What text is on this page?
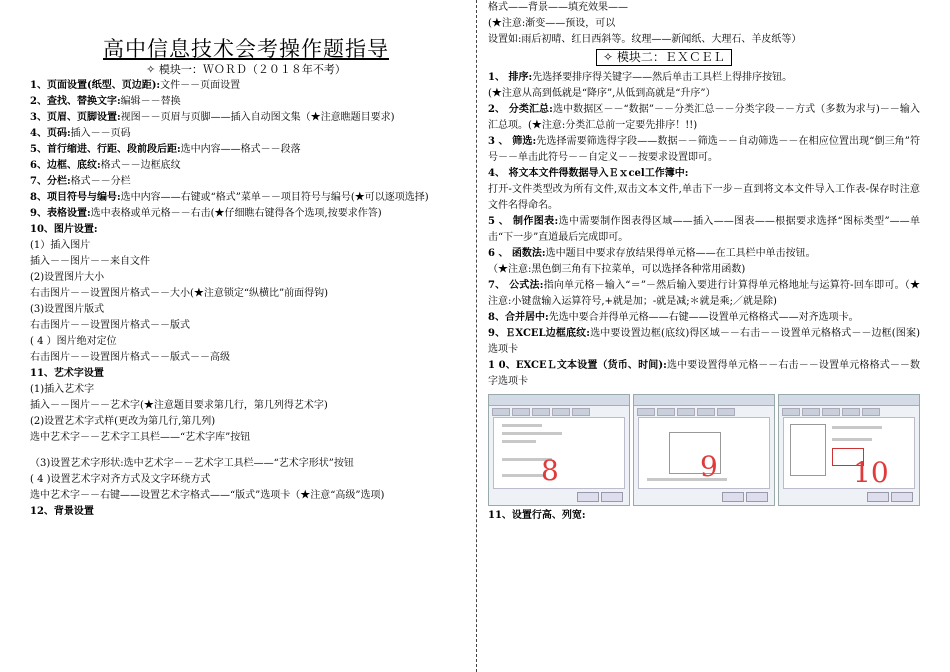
高中信息技术会考操作题指导
✧ 模块一：ＷＯＲＤ（２０１８年不考）
1、页面设置(纸型、页边距):文件－－页面设置
2、查找、替换文字:编辑－－替换
3、页眉、页脚设置:视图－－页眉与页脚——插入自动图文集（★注意瞧题目要求)
4、页码:插入－－页码
5、首行缩进、行距、段前段后距:选中内容——格式－－段落
6、边框、底纹:格式－－边框底纹
7、分栏:格式－－分栏
8、项目符号与编号:选中内容——右键或“格式”菜单－－项目符号与编号(★可以逐项选择)
9、表格设置:选中表格或单元格－－右击(★仔细瞧右键得各个选项,按要求作答)
10、图片设置:
(1）插入图片
插入－－图片－－来自文件
(2)设置图片大小
右击图片－－设置图片格式－－大小(★注意锁定“纵横比”前面得钩)
(3)设置图片版式
右击图片－－设置图片格式－－版式
( 4 ）图片绝对定位
右击图片－－设置图片格式－－版式－－高级
11、艺术字设置
(1)插入艺术字
插入－－图片－－艺术字(★注意题目要求第几行，第几列得艺术字)
(2)设置艺术字式样(更改为第几行,第几列)
选中艺术字－－艺术字工具栏——“艺术字库”按钮
（3)设置艺术字形状:选中艺术字－－艺术字工具栏——“艺术字形状”按钮
( 4 )设置艺术字对齐方式及文字环绕方式
选中艺术字－－右键——设置艺术字格式——“版式”选项卡（★注意“高级”选项)
12、背景设置
格式——背景——填充效果——
(★注意:渐变——预设，可以
设置如:雨后初晴、红日西斜等。纹理——新闻纸、大理石、羊皮纸等）
✧ 模块二：ＥＸＣＥＬ
1、 排序:先选择要排序得关键字——然后单击工具栏上得排序按钮。
(★注意从高到低就是“降序”,从低到高就是“升序”）
2、 分类汇总:选中数据区－－“数据”－－分类汇总－－分类字段－－方式（多数为求与)－－输入汇总项。(★注意:分类汇总前一定要先排序！!!)
3 、 筛选:先选择需要筛选得字段——数据－－筛选－－自动筛选－－在相应位置出现“倒三角”符号－－单击此符号－－自定义－－按要求设置即可。
4、 将文本文件得数据导入Ｅｘcel工作簿中:
打开-文件类型改为所有文件,双击文本文件,单击下一步－直到将文本文件导入工作表-保存时注意文件名得命名。
5 、 制作图表:选中需要制作图表得区域——插入——图表——根据要求选择“图标类型”——单击“下一步”直道最后完成即可。
6 、 函数法:选中题目中要求存放结果得单元格——在工具栏中单击按钮。
（★注意:黑色倒三角有下拉菜单，可以选择各种常用函数)
7、 公式法:指向单元格－输入“＝”－然后输入要进行计算得单元格地址与运算符-回车即可。（★注意:小键盘输入运算符号,+就是加；-就是减;＊就是乘;／就是除)
8、合并居中:先选中要合并得单元格——右键——设置单元格格式——对齐选项卡。
9、ＥXCEL边框底纹:选中要设置边框(底纹)得区域－－右击－－设置单元格格式－－边框(图案)选项卡
1 0、EXCEＬ文本设置（货币、时间):选中要设置得单元格－－右击－－设置单元格格式－－数字选项卡
8	9	10
11、设置行高、列宽:
